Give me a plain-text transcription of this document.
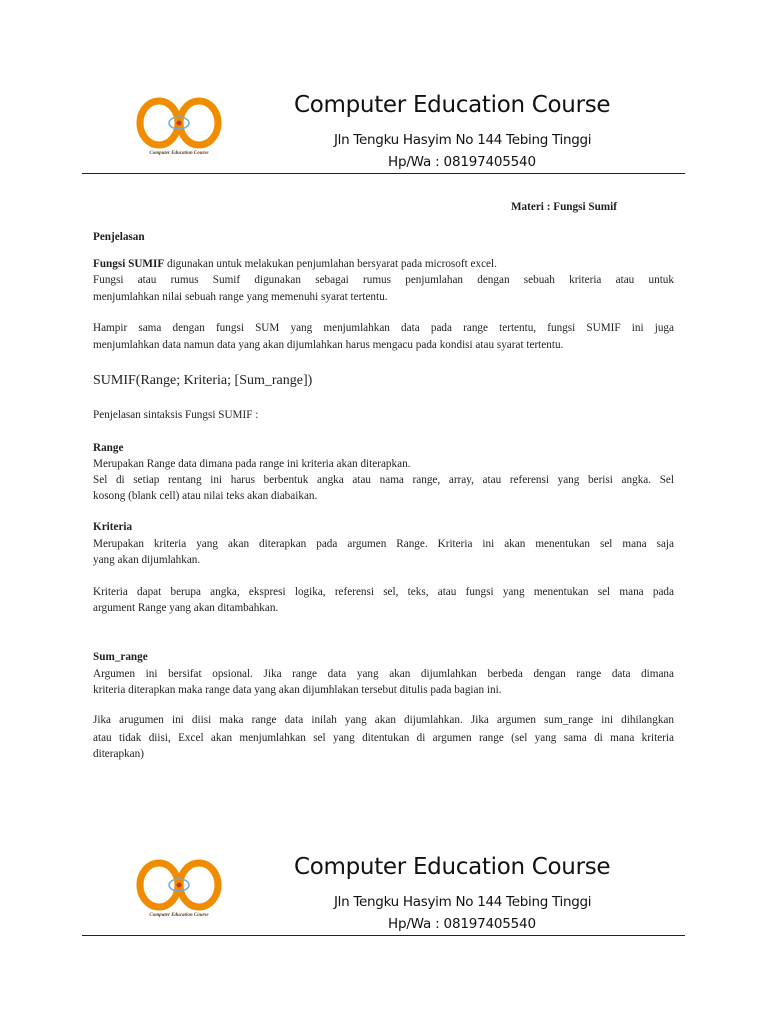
Computer Education Course
Computer Education Course
Jln Tengku Hasyim No 144 Tebing Tinggi
Hp/Wa : 08197405540
Materi : Fungsi Sumif
Penjelasan
Fungsi SUMIF digunakan untuk melakukan penjumlahan bersyarat pada microsoft excel.
Fungsi atau rumus Sumif digunakan sebagai rumus penjumlahan dengan sebuah kriteria atau untuk
menjumlahkan nilai sebuah range yang memenuhi syarat tertentu.
Hampir sama dengan fungsi SUM yang menjumlahkan data pada range tertentu, fungsi SUMIF ini juga
menjumlahkan data namun data yang akan dijumlahkan harus mengacu pada kondisi atau syarat tertentu.
SUMIF(Range; Kriteria; [Sum_range])
Penjelasan sintaksis Fungsi SUMIF :
Range
Merupakan Range data dimana pada range ini kriteria akan diterapkan.
Sel di setiap rentang ini harus berbentuk angka atau nama range, array, atau referensi yang berisi angka. Sel
kosong (blank cell) atau nilai teks akan diabaikan.
Kriteria
Merupakan kriteria yang akan diterapkan pada argumen Range. Kriteria ini akan menentukan sel mana saja
yang akan dijumlahkan.
Kriteria dapat berupa angka, ekspresi logika, referensi sel, teks, atau fungsi yang menentukan sel mana pada
argument Range yang akan ditambahkan.
Sum_range
Argumen ini bersifat opsional. Jika range data yang akan dijumlahkan berbeda dengan range data dimana
kriteria diterapkan maka range data yang akan dijumhlakan tersebut ditulis pada bagian ini.
Jika arugumen ini diisi maka range data inilah yang akan dijumlahkan. Jika argumen sum_range ini dihilangkan
atau tidak diisi, Excel akan menjumlahkan sel yang ditentukan di argumen range (sel yang sama di mana kriteria
diterapkan)
Computer Education Course
Computer Education Course
Jln Tengku Hasyim No 144 Tebing Tinggi
Hp/Wa : 08197405540
